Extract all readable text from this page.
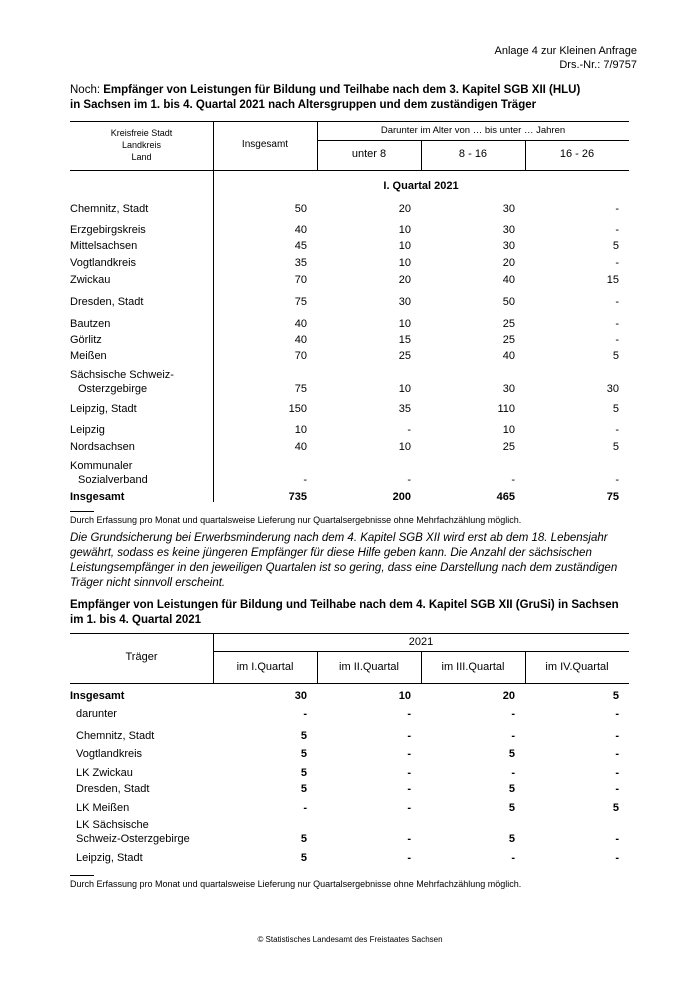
Anlage 4 zur Kleinen Anfrage
Drs.-Nr.: 7/9757
Noch: Empfänger von Leistungen für Bildung und Teilhabe nach dem 3. Kapitel SGB XII (HLU)
in Sachsen im 1. bis 4. Quartal 2021 nach Altersgruppen und dem zuständigen Träger
Kreisfreie Stadt
Landkreis
Land
Insgesamt
Darunter im Alter von … bis unter … Jahren
unter 8	8 - 16	16 - 26
I. Quartal 2021
Chemnitz, Stadt	50	20	30	-
Erzgebirgskreis	40	10	30	-
Mittelsachsen	45	10	30	5
Vogtlandkreis	35	10	20	-
Zwickau	70	20	40	15
Dresden, Stadt	75	30	50	-
Bautzen	40	10	25	-
Görlitz	40	15	25	-
Meißen	70	25	40	5
Sächsische Schweiz-
Osterzgebirge	75	10	30	30
Leipzig, Stadt	150	35	110	5
Leipzig	10	-	10	-
Nordsachsen	40	10	25	5
Kommunaler
Sozialverband	-	-	-	-
Insgesamt	735	200	465	75
Durch Erfassung pro Monat und quartalsweise Lieferung nur Quartalsergebnisse ohne Mehrfachzählung möglich.
Die Grundsicherung bei Erwerbsminderung nach dem 4. Kapitel SGB XII wird erst ab dem 18. Lebensjahr
gewährt, sodass es keine jüngeren Empfänger für diese Hilfe geben kann. Die Anzahl der sächsischen
Leistungsempfänger in den jeweiligen Quartalen ist so gering, dass eine Darstellung nach dem zuständigen
Träger nicht sinnvoll erscheint.
Empfänger von Leistungen für Bildung und Teilhabe nach dem 4. Kapitel SGB XII (GruSi) in Sachsen
im 1. bis 4. Quartal 2021
Träger
2021
im I.Quartal	im II.Quartal	im III.Quartal	im IV.Quartal
Insgesamt	30	10	20	5
darunter	-	-	-	-
Chemnitz, Stadt	5	-	-	-
Vogtlandkreis	5	-	5	-
LK Zwickau	5	-	-	-
Dresden, Stadt	5	-	5	-
LK Meißen	-	-	5	5
LK Sächsische
Schweiz-Osterzgebirge	5	-	5	-
Leipzig, Stadt	5	-	-	-
Durch Erfassung pro Monat und quartalsweise Lieferung nur Quartalsergebnisse ohne Mehrfachzählung möglich.
© Statistisches Landesamt des Freistaates Sachsen
